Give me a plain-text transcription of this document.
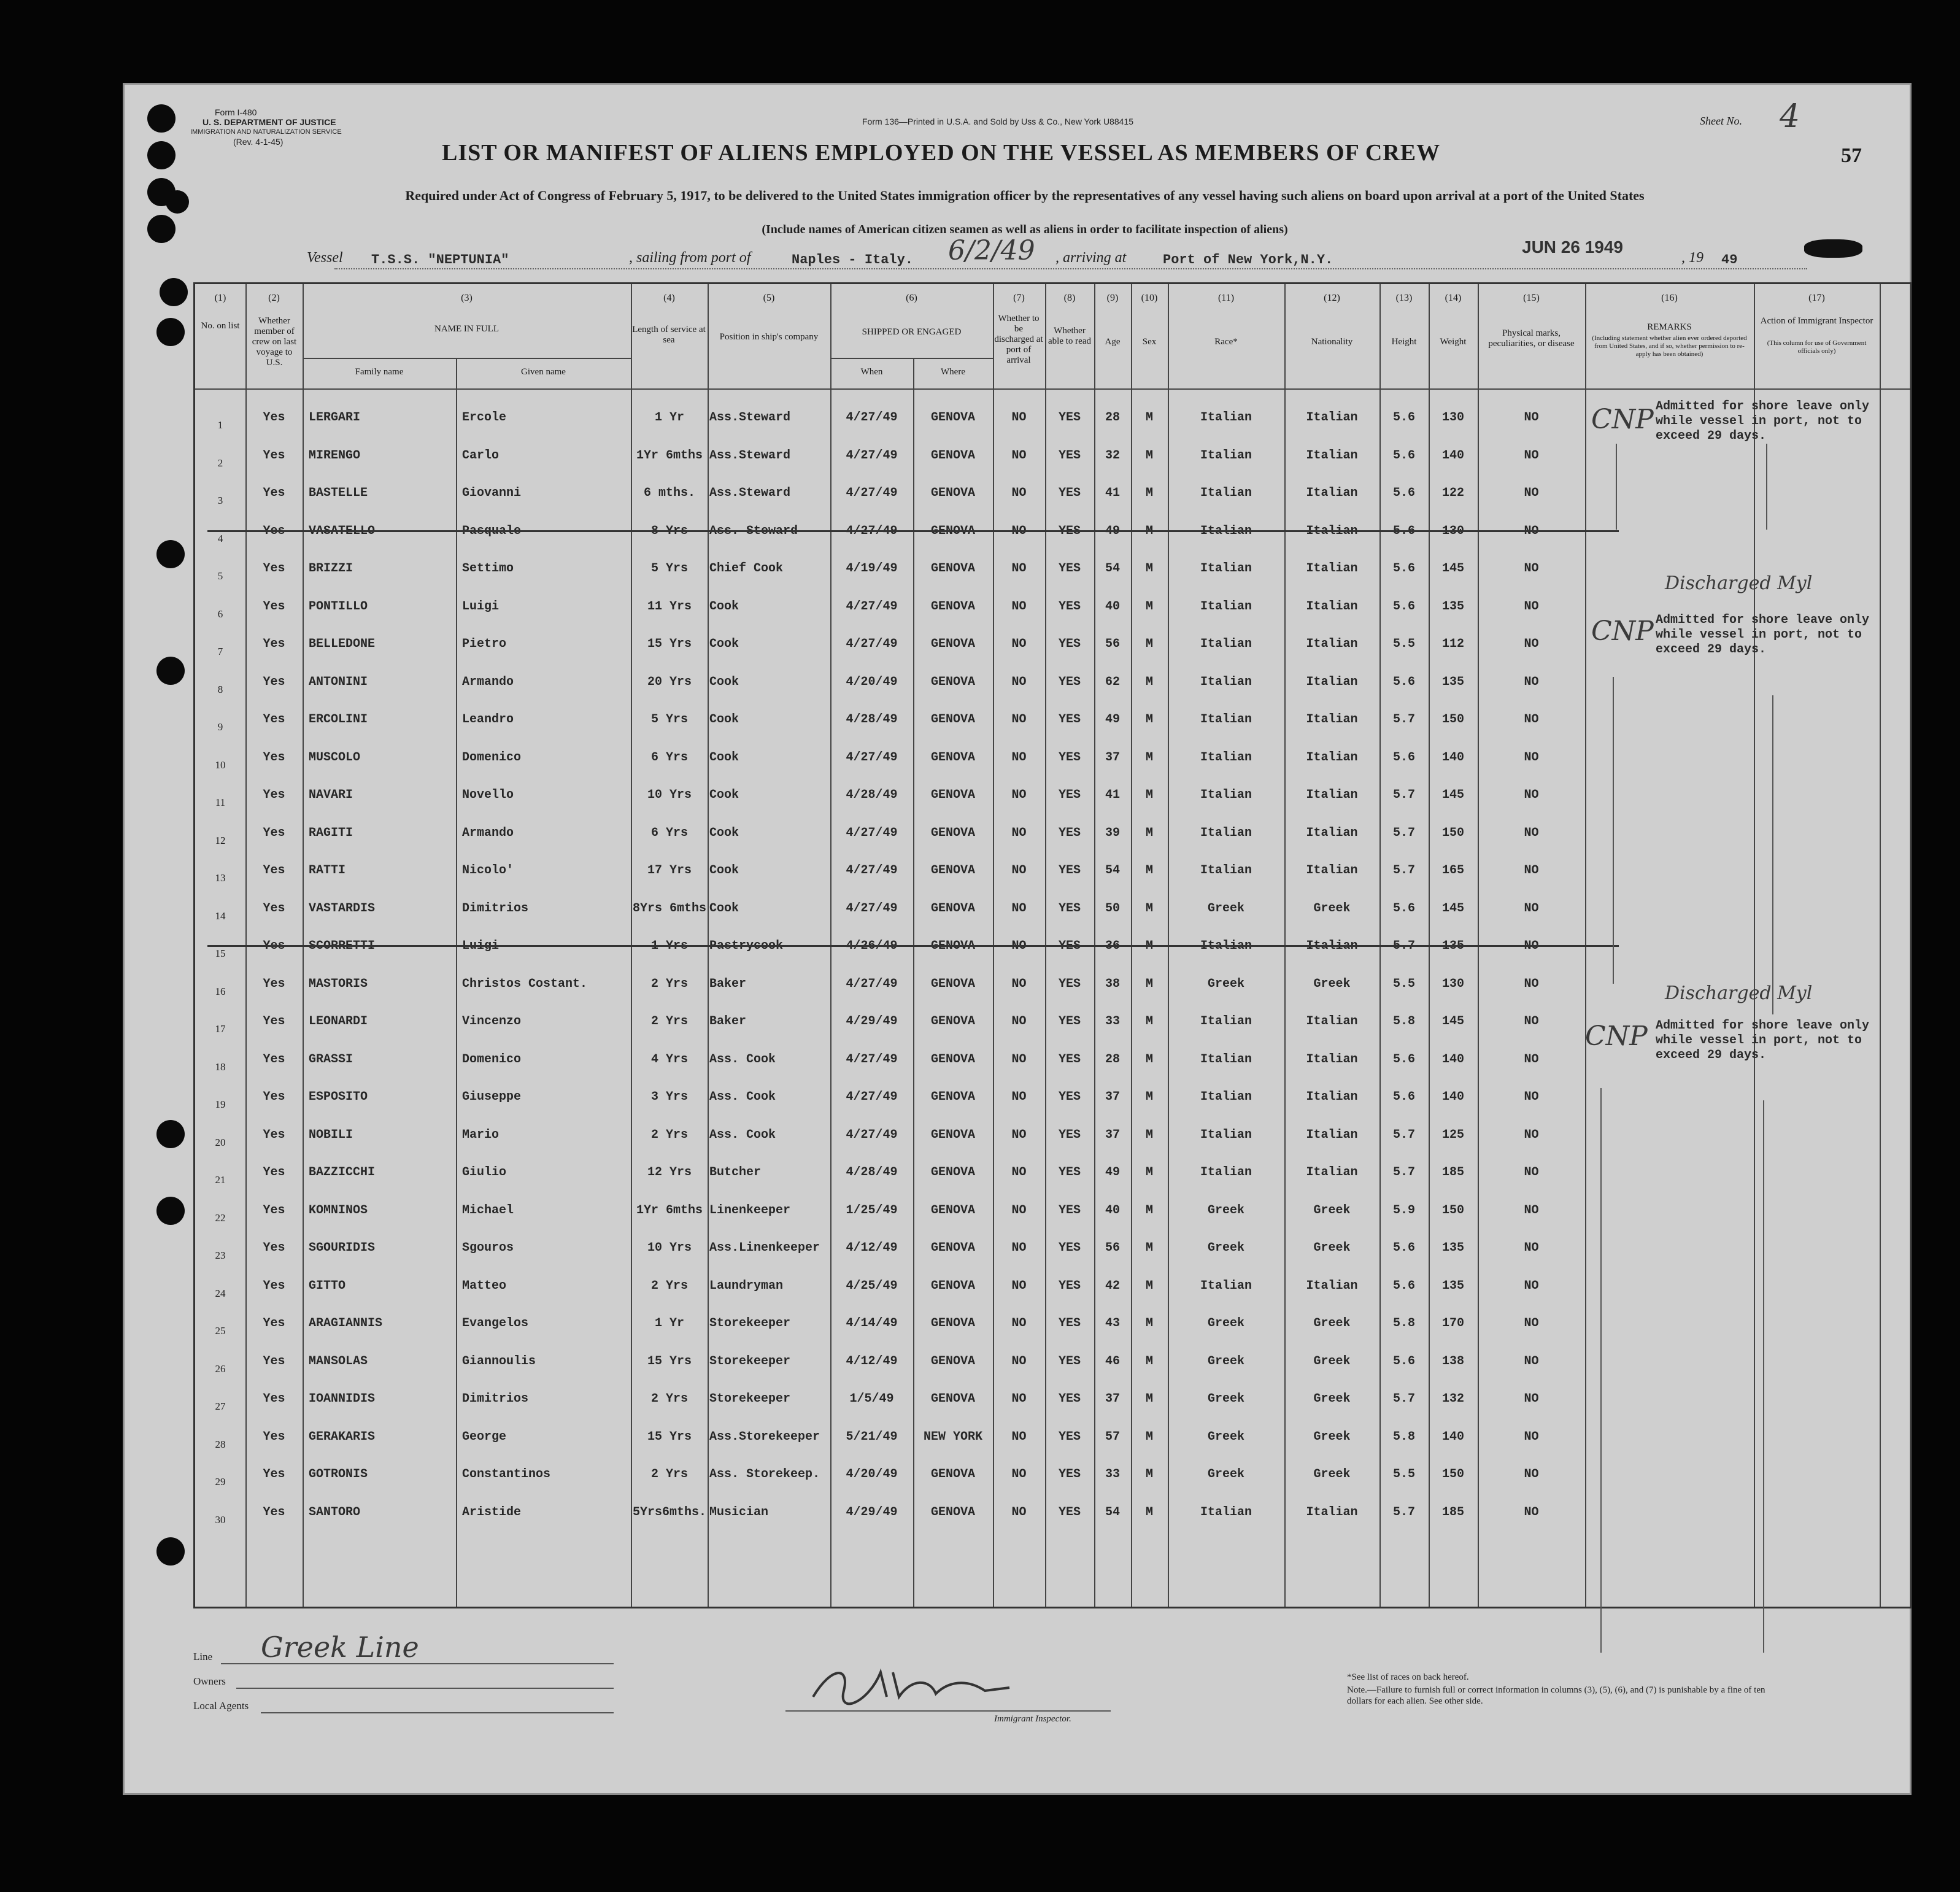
Form I-480
U. S. DEPARTMENT OF JUSTICE
IMMIGRATION AND NATURALIZATION SERVICE
(Rev. 4-1-45)
Form 136—Printed in U.S.A. and Sold by Uss & Co., New York U88415	Sheet No. 4
57
LIST OR MANIFEST OF ALIENS EMPLOYED ON THE VESSEL AS MEMBERS OF CREW
Required under Act of Congress of February 5, 1917, to be delivered to the United States immigration officer by the representatives of any vessel having such aliens on board upon arrival at a port of the United States
(Include names of American citizen seamen as well as aliens in order to facilitate inspection of aliens)
Vessel T.S.S. "NEPTUNIA"	, sailing from port of	Naples - Italy. 6/2/49 , arriving at	Port of New York,N.Y.
JUN 26 1949
, 19 49
(1)	(2)	(3)	(4)	(5)	(6)	(7)	(8)	(9)	(10)	(11)	(12)	(13)	(14)	(15)	(16)	(17)
No. on list	Whether member of crew on last voyage to U.S.
NAME IN FULL
Family name	Given name
Length of service at sea	Position in ship's company	SHIPPED OR ENGAGED
When	Where
Whether to be discharged at port of arrival
Whether able to read	Age	Sex	Race*	Nationality	Height	Weight
Physical marks, peculiarities, or disease
REMARKS
(Including statement whether alien ever ordered deported from United States, and if so, whether permission to re-apply has been obtained)
Action of Immigrant Inspector
(This column for use of Government officials only)
1
Yes	LERGARI	Ercole	1 Yr	Ass.Steward	4/27/49	GENOVA	NO	YES	28	M	Italian	Italian	5.6	130	NO
2
Yes	MIRENGO	Carlo	1Yr 6mths Ass.Steward	4/27/49	GENOVA	NO	YES	32	M	Italian	Italian	5.6	140	NO
3
Yes	BASTELLE	Giovanni	6 mths.	Ass.Steward	4/27/49	GENOVA	NO	YES	41	M	Italian	Italian	5.6	122	NO
4
Yes	VASATELLO	Pasquale	8 Yrs	Ass. Steward	4/27/49	GENOVA	NO	YES	49	M	Italian	Italian	5.6	130	NO
5
Yes	BRIZZI	Settimo	5 Yrs	Chief Cook	4/19/49	GENOVA	NO	YES	54	M	Italian	Italian	5.6	145	NO
6
Yes	PONTILLO	Luigi	11 Yrs	Cook	4/27/49	GENOVA	NO	YES	40	M	Italian	Italian	5.6	135	NO
7
Yes	BELLEDONE	Pietro	15 Yrs	Cook	4/27/49	GENOVA	NO	YES	56	M	Italian	Italian	5.5	112	NO
8
Yes	ANTONINI	Armando	20 Yrs	Cook	4/20/49	GENOVA	NO	YES	62	M	Italian	Italian	5.6	135	NO
9
Yes	ERCOLINI	Leandro	5 Yrs	Cook	4/28/49	GENOVA	NO	YES	49	M	Italian	Italian	5.7	150	NO
10
Yes	MUSCOLO	Domenico	6 Yrs	Cook	4/27/49	GENOVA	NO	YES	37	M	Italian	Italian	5.6	140	NO
11
Yes	NAVARI	Novello	10 Yrs	Cook	4/28/49	GENOVA	NO	YES	41	M	Italian	Italian	5.7	145	NO
12
Yes	RAGITI	Armando	6 Yrs	Cook	4/27/49	GENOVA	NO	YES	39	M	Italian	Italian	5.7	150	NO
13
Yes	RATTI	Nicolo'	17 Yrs	Cook	4/27/49	GENOVA	NO	YES	54	M	Italian	Italian	5.7	165	NO
14
Yes	VASTARDIS	Dimitrios	8Yrs 6mths Cook	4/27/49	GENOVA	NO	YES	50	M	Greek	Greek	5.6	145	NO
15
Yes	SCORRETTI	Luigi	1 Yrs	Pastrycook	4/26/49	GENOVA	NO	YES	36	M	Italian	Italian	5.7	135	NO
16
Yes	MASTORIS	Christos Costant.	2 Yrs	Baker	4/27/49	GENOVA	NO	YES	38	M	Greek	Greek	5.5	130	NO
17
Yes	LEONARDI	Vincenzo	2 Yrs	Baker	4/29/49	GENOVA	NO	YES	33	M	Italian	Italian	5.8	145	NO
18
Yes	GRASSI	Domenico	4 Yrs	Ass. Cook	4/27/49	GENOVA	NO	YES	28	M	Italian	Italian	5.6	140	NO
19
Yes	ESPOSITO	Giuseppe	3 Yrs	Ass. Cook	4/27/49	GENOVA	NO	YES	37	M	Italian	Italian	5.6	140	NO
20
Yes	NOBILI	Mario	2 Yrs	Ass. Cook	4/27/49	GENOVA	NO	YES	37	M	Italian	Italian	5.7	125	NO
21
Yes	BAZZICCHI	Giulio	12 Yrs	Butcher	4/28/49	GENOVA	NO	YES	49	M	Italian	Italian	5.7	185	NO
22
Yes	KOMNINOS	Michael	1Yr 6mths Linenkeeper	1/25/49	GENOVA	NO	YES	40	M	Greek	Greek	5.9	150	NO
23
Yes	SGOURIDIS	Sgouros	10 Yrs	Ass.Linenkeeper	4/12/49	GENOVA	NO	YES	56	M	Greek	Greek	5.6	135	NO
24
Yes	GITTO	Matteo	2 Yrs	Laundryman	4/25/49	GENOVA	NO	YES	42	M	Italian	Italian	5.6	135	NO
25
Yes	ARAGIANNIS	Evangelos	1 Yr	Storekeeper	4/14/49	GENOVA	NO	YES	43	M	Greek	Greek	5.8	170	NO
26
Yes	MANSOLAS	Giannoulis	15 Yrs	Storekeeper	4/12/49	GENOVA	NO	YES	46	M	Greek	Greek	5.6	138	NO
27
Yes	IOANNIDIS	Dimitrios	2 Yrs	Storekeeper	1/5/49	GENOVA	NO	YES	37	M	Greek	Greek	5.7	132	NO
28
Yes	GERAKARIS	George	15 Yrs	Ass.Storekeeper	5/21/49	NEW YORK	NO	YES	57	M	Greek	Greek	5.8	140	NO
29
Yes	GOTRONIS	Constantinos	2 Yrs	Ass. Storekeep.	4/20/49	GENOVA	NO	YES	33	M	Greek	Greek	5.5	150	NO
30
Yes	SANTORO	Aristide	5Yrs6mths. Musician	4/29/49	GENOVA	NO	YES	54	M	Italian	Italian	5.7	185	NO
CNP Admitted for shore leave only while vessel in port, not to exceed 29 days.
Discharged Myl
CNP Admitted for shore leave only while vessel in port, not to exceed 29 days.
Discharged Myl
CNP Admitted for shore leave only while vessel in port, not to exceed 29 days.
Line Greek Line
Owners
Local Agents
Immigrant Inspector.
*See list of races on back hereof.
Note.—Failure to furnish full or correct information in columns (3), (5), (6), and (7) is punishable by a fine of ten dollars for each alien. See other side.
